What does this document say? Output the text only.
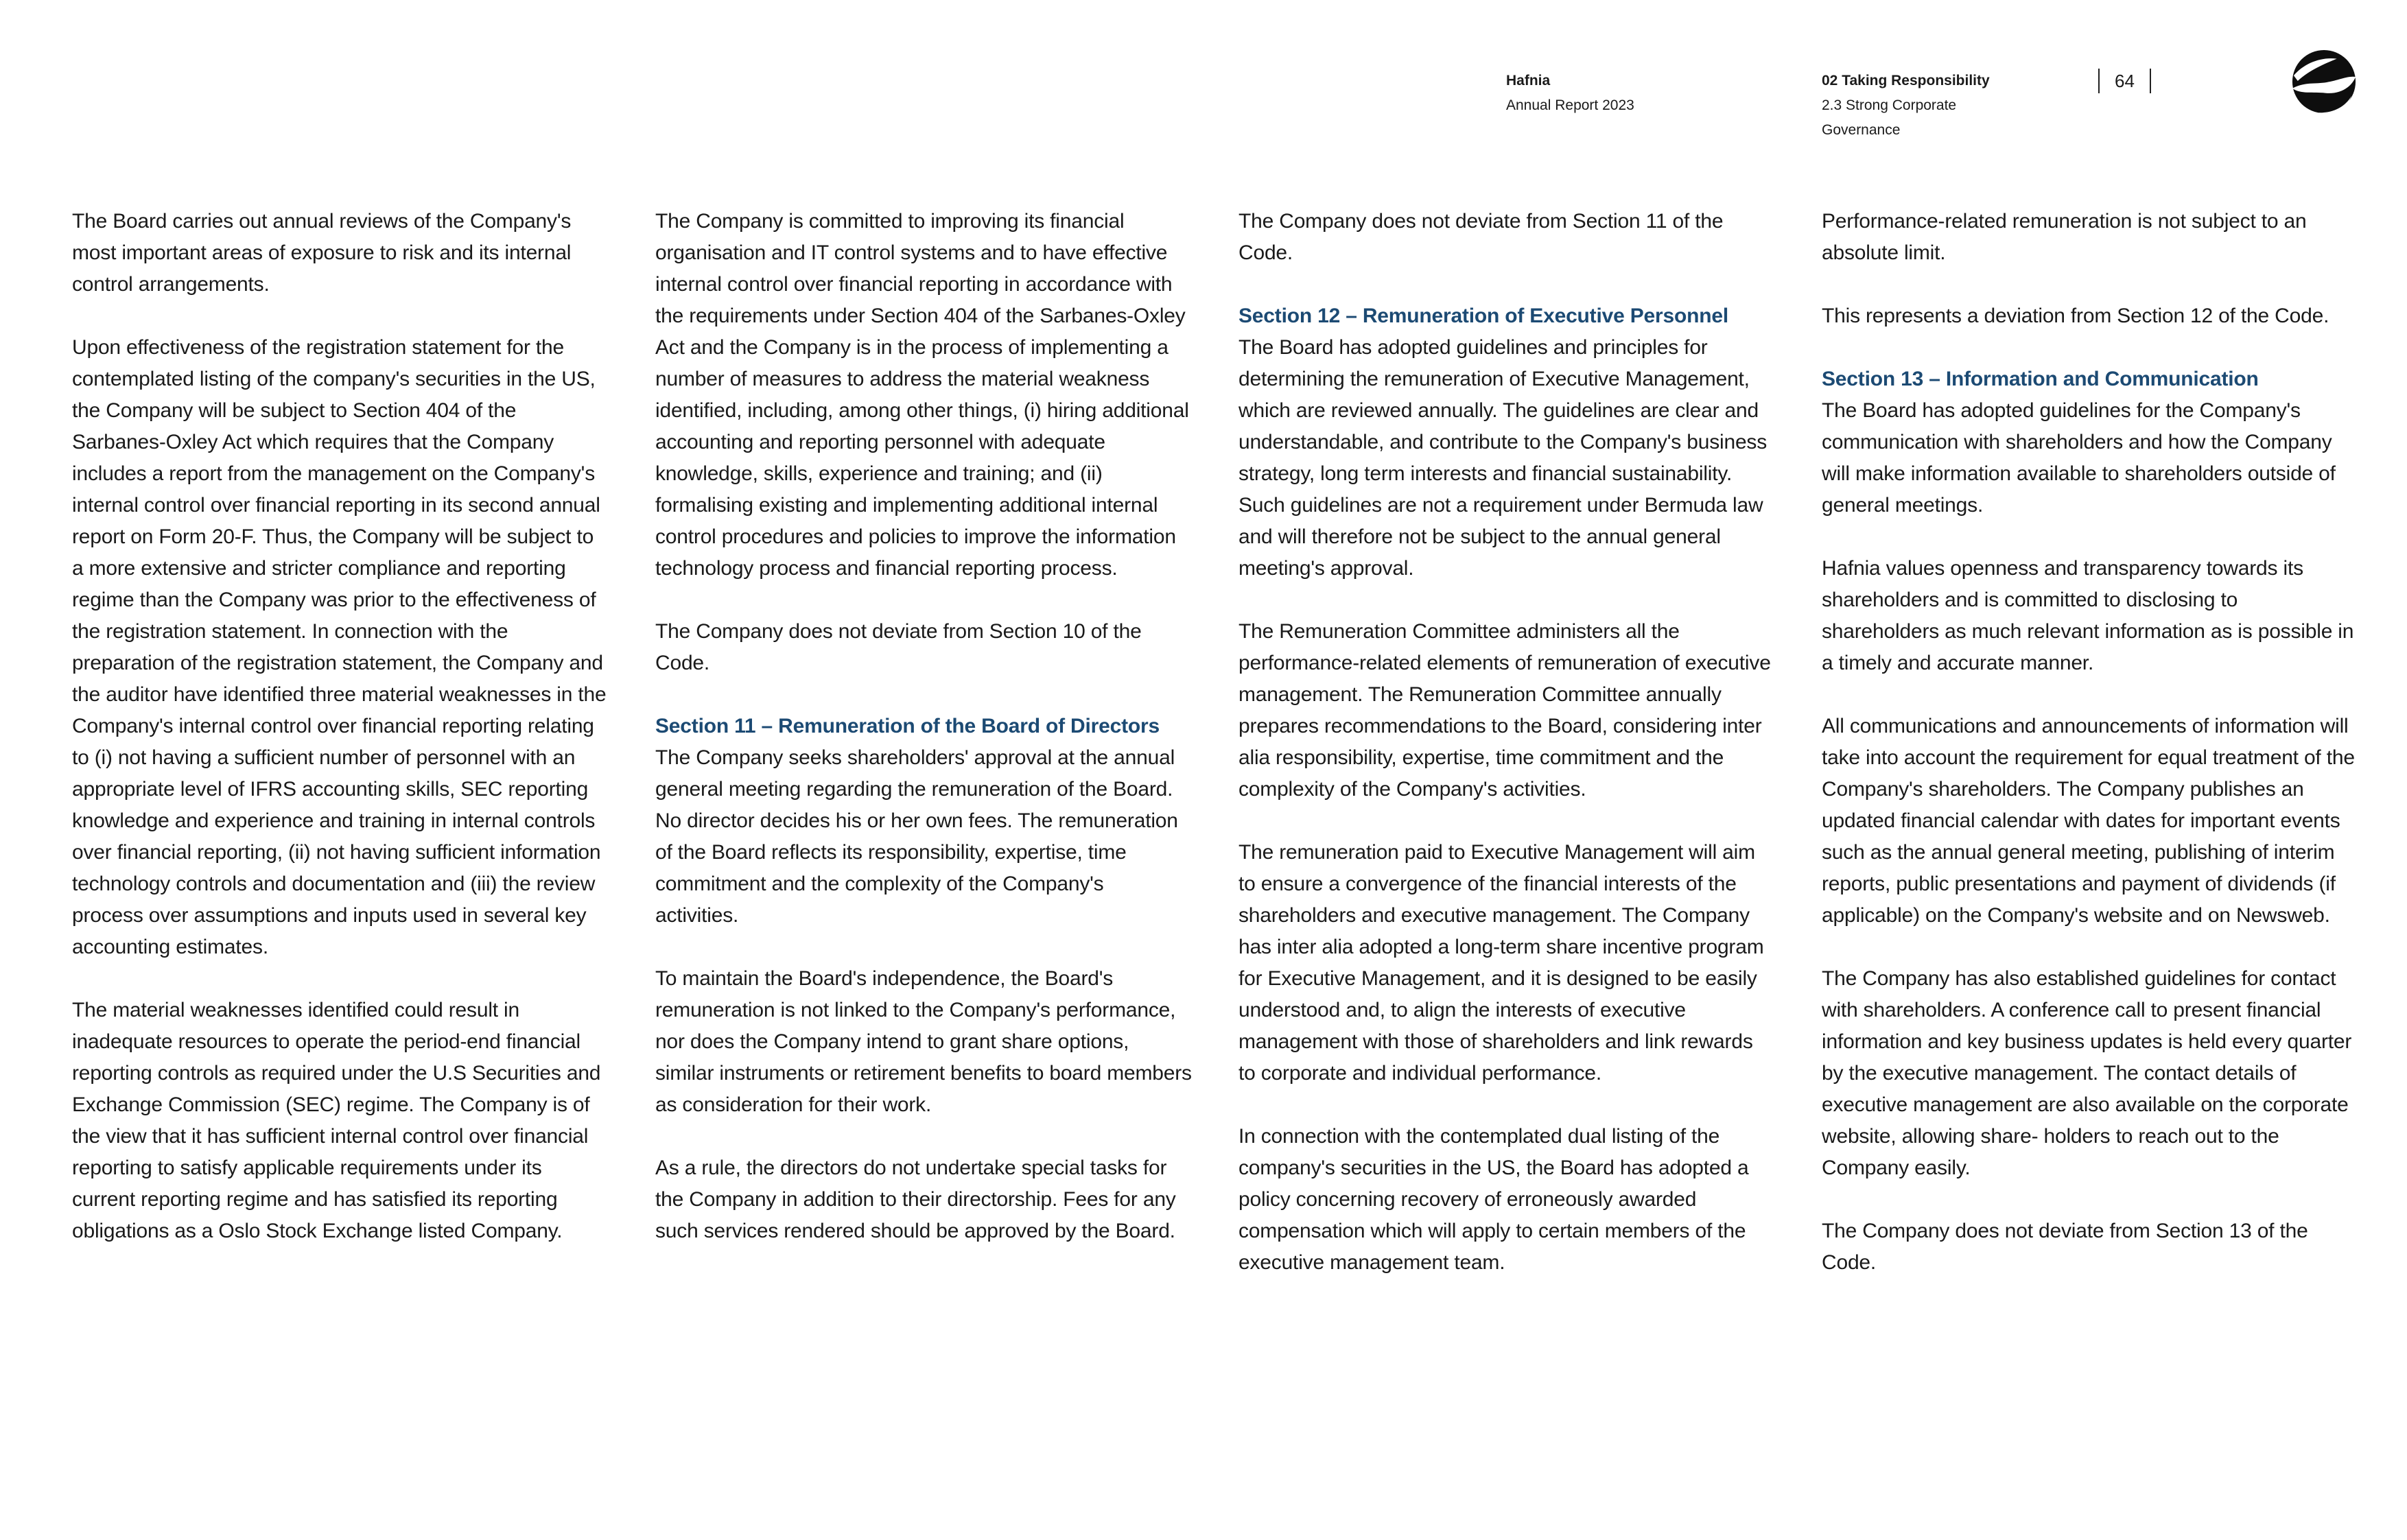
Hafnia
Annual Report 2023
02 Taking Responsibility
2.3 Strong Corporate Governance
64

The Board carries out annual reviews of the Company's most important areas of exposure to risk and its internal control arrangements.

Upon effectiveness of the registration statement for the contemplated listing of the company's securities in the US, the Company will be subject to Section 404 of the Sarbanes-Oxley Act which requires that the Company includes a report from the management on the Company's internal control over financial reporting in its second annual report on Form 20-F. Thus, the Company will be subject to a more extensive and stricter compliance and reporting regime than the Company was prior to the effectiveness of the registration statement. In connection with the preparation of the registration statement, the Company and the auditor have identified three material weaknesses in the Company's internal control over financial reporting relating to (i) not having a sufficient number of personnel with an appropriate level of IFRS accounting skills, SEC reporting knowledge and experience and training in internal controls over financial reporting, (ii) not having sufficient information technology controls and documentation and (iii) the review process over assumptions and inputs used in several key accounting estimates.

The material weaknesses identified could result in inadequate resources to operate the period-end financial reporting controls as required under the U.S Securities and Exchange Commission (SEC) regime. The Company is of the view that it has sufficient internal control over financial reporting to satisfy applicable requirements under its current reporting regime and has satisfied its reporting obligations as a Oslo Stock Exchange listed Company.

The Company is committed to improving its financial organisation and IT control systems and to have effective internal control over financial reporting in accordance with the requirements under Section 404 of the Sarbanes-Oxley Act and the Company is in the process of implementing a number of measures to address the material weakness identified, including, among other things, (i) hiring additional accounting and reporting personnel with adequate knowledge, skills, experience and training; and (ii) formalising existing and implementing additional internal control procedures and policies to improve the information technology process and financial reporting process.

The Company does not deviate from Section 10 of the Code.

Section 11 – Remuneration of the Board of Directors

The Company seeks shareholders' approval at the annual general meeting regarding the remuneration of the Board. No director decides his or her own fees. The remuneration of the Board reflects its responsibility, expertise, time commitment and the complexity of the Company's activities.

To maintain the Board's independence, the Board's remuneration is not linked to the Company's performance, nor does the Company intend to grant share options, similar instruments or retirement benefits to board members as consideration for their work.

As a rule, the directors do not undertake special tasks for the Company in addition to their directorship. Fees for any such services rendered should be approved by the Board.

The Company does not deviate from Section 11 of the Code.

Section 12 – Remuneration of Executive Personnel

The Board has adopted guidelines and principles for determining the remuneration of Executive Management, which are reviewed annually. The guidelines are clear and understandable, and contribute to the Company's business strategy, long term interests and financial sustainability. Such guidelines are not a requirement under Bermuda law and will therefore not be subject to the annual general meeting's approval.

The Remuneration Committee administers all the performance-related elements of remuneration of executive management. The Remuneration Committee annually prepares recommendations to the Board, considering inter alia responsibility, expertise, time commitment and the complexity of the Company's activities.

The remuneration paid to Executive Management will aim to ensure a convergence of the financial interests of the shareholders and executive management. The Company has inter alia adopted a long-term share incentive program for Executive Management, and it is designed to be easily understood and, to align the interests of executive management with those of shareholders and link rewards to corporate and individual performance.

In connection with the contemplated dual listing of the company's securities in the US, the Board has adopted a policy concerning recovery of erroneously awarded compensation which will apply to certain members of the executive management team.

Performance-related remuneration is not subject to an absolute limit.

This represents a deviation from Section 12 of the Code.

Section 13 – Information and Communication

The Board has adopted guidelines for the Company's communication with shareholders and how the Company will make information available to shareholders outside of general meetings.

Hafnia values openness and transparency towards its shareholders and is committed to disclosing to shareholders as much relevant information as is possible in a timely and accurate manner.

All communications and announcements of information will take into account the requirement for equal treatment of the Company's shareholders. The Company publishes an updated financial calendar with dates for important events such as the annual general meeting, publishing of interim reports, public presentations and payment of dividends (if applicable) on the Company's website and on Newsweb.

The Company has also established guidelines for contact with shareholders. A conference call to present financial information and key business updates is held every quarter by the executive management. The contact details of executive management are also available on the corporate website, allowing share- holders to reach out to the Company easily.

The Company does not deviate from Section 13 of the Code.
